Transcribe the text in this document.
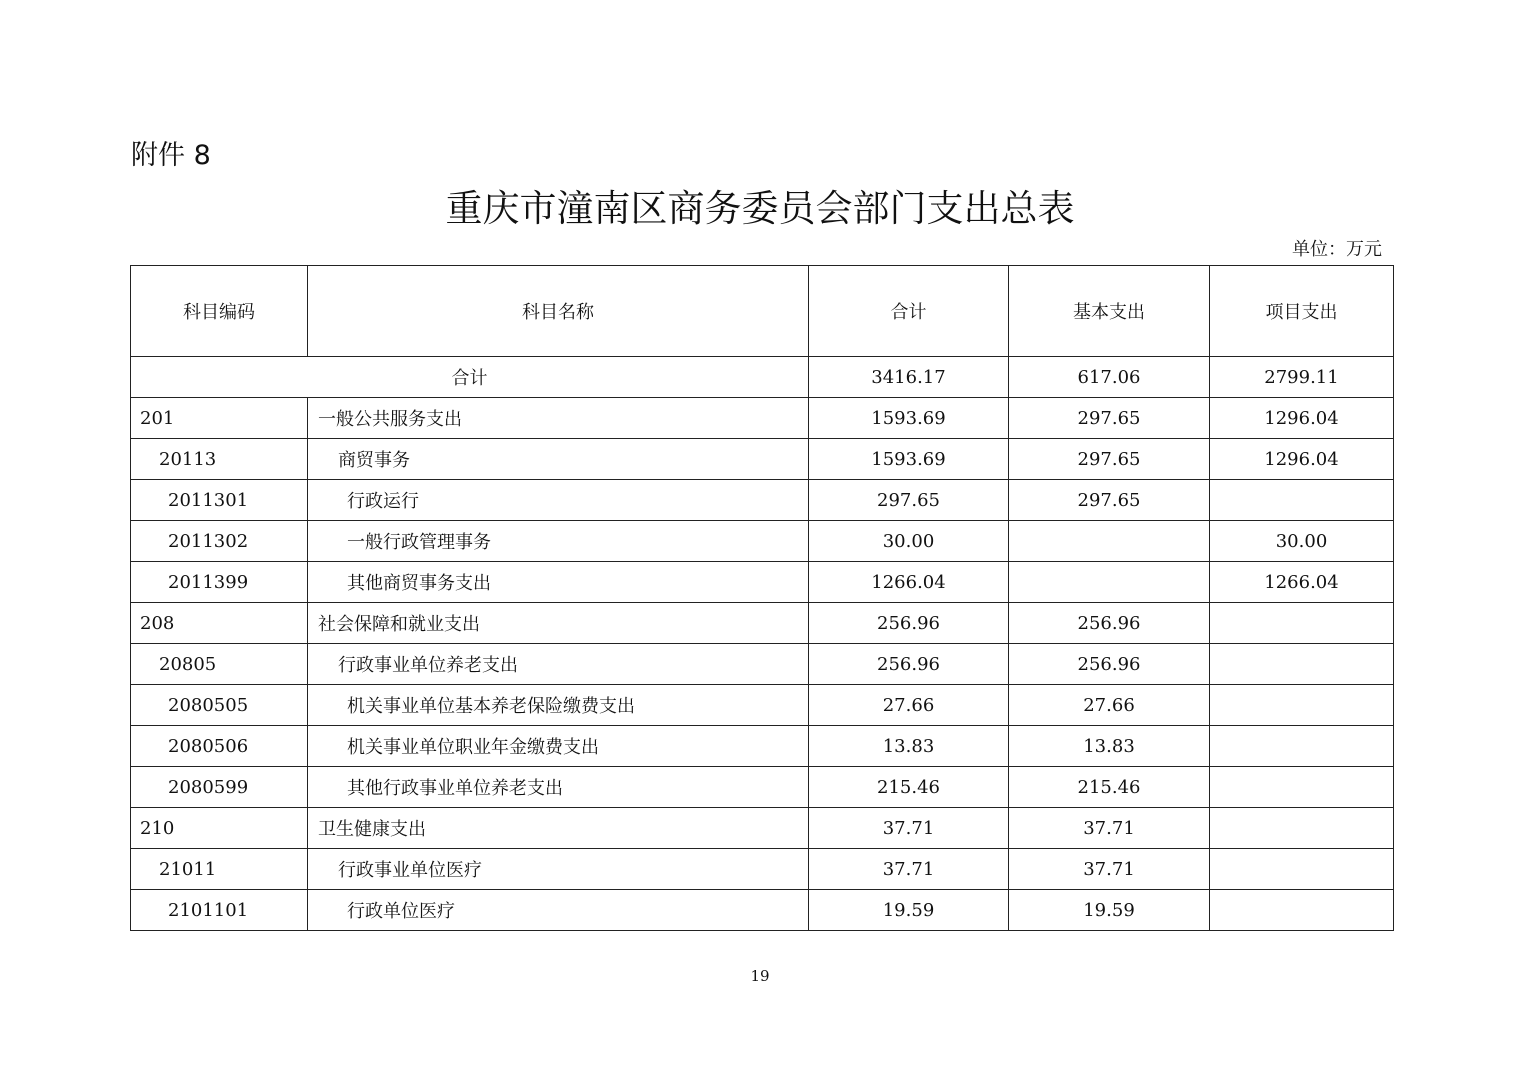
附件 8
重庆市潼南区商务委员会部门支出总表
单位：万元
科目编码	科目名称	合计	基本支出	项目支出
合计		3416.17	617.06	2799.11
201	一般公共服务支出	1593.69	297.65	1296.04
20113	商贸事务	1593.69	297.65	1296.04
2011301	行政运行	297.65	297.65	
2011302	一般行政管理事务	30.00		30.00
2011399	其他商贸事务支出	1266.04		1266.04
208	社会保障和就业支出	256.96	256.96	
20805	行政事业单位养老支出	256.96	256.96	
2080505	机关事业单位基本养老保险缴费支出	27.66	27.66	
2080506	机关事业单位职业年金缴费支出	13.83	13.83	
2080599	其他行政事业单位养老支出	215.46	215.46	
210	卫生健康支出	37.71	37.71	
21011	行政事业单位医疗	37.71	37.71	
2101101	行政单位医疗	19.59	19.59	
19
